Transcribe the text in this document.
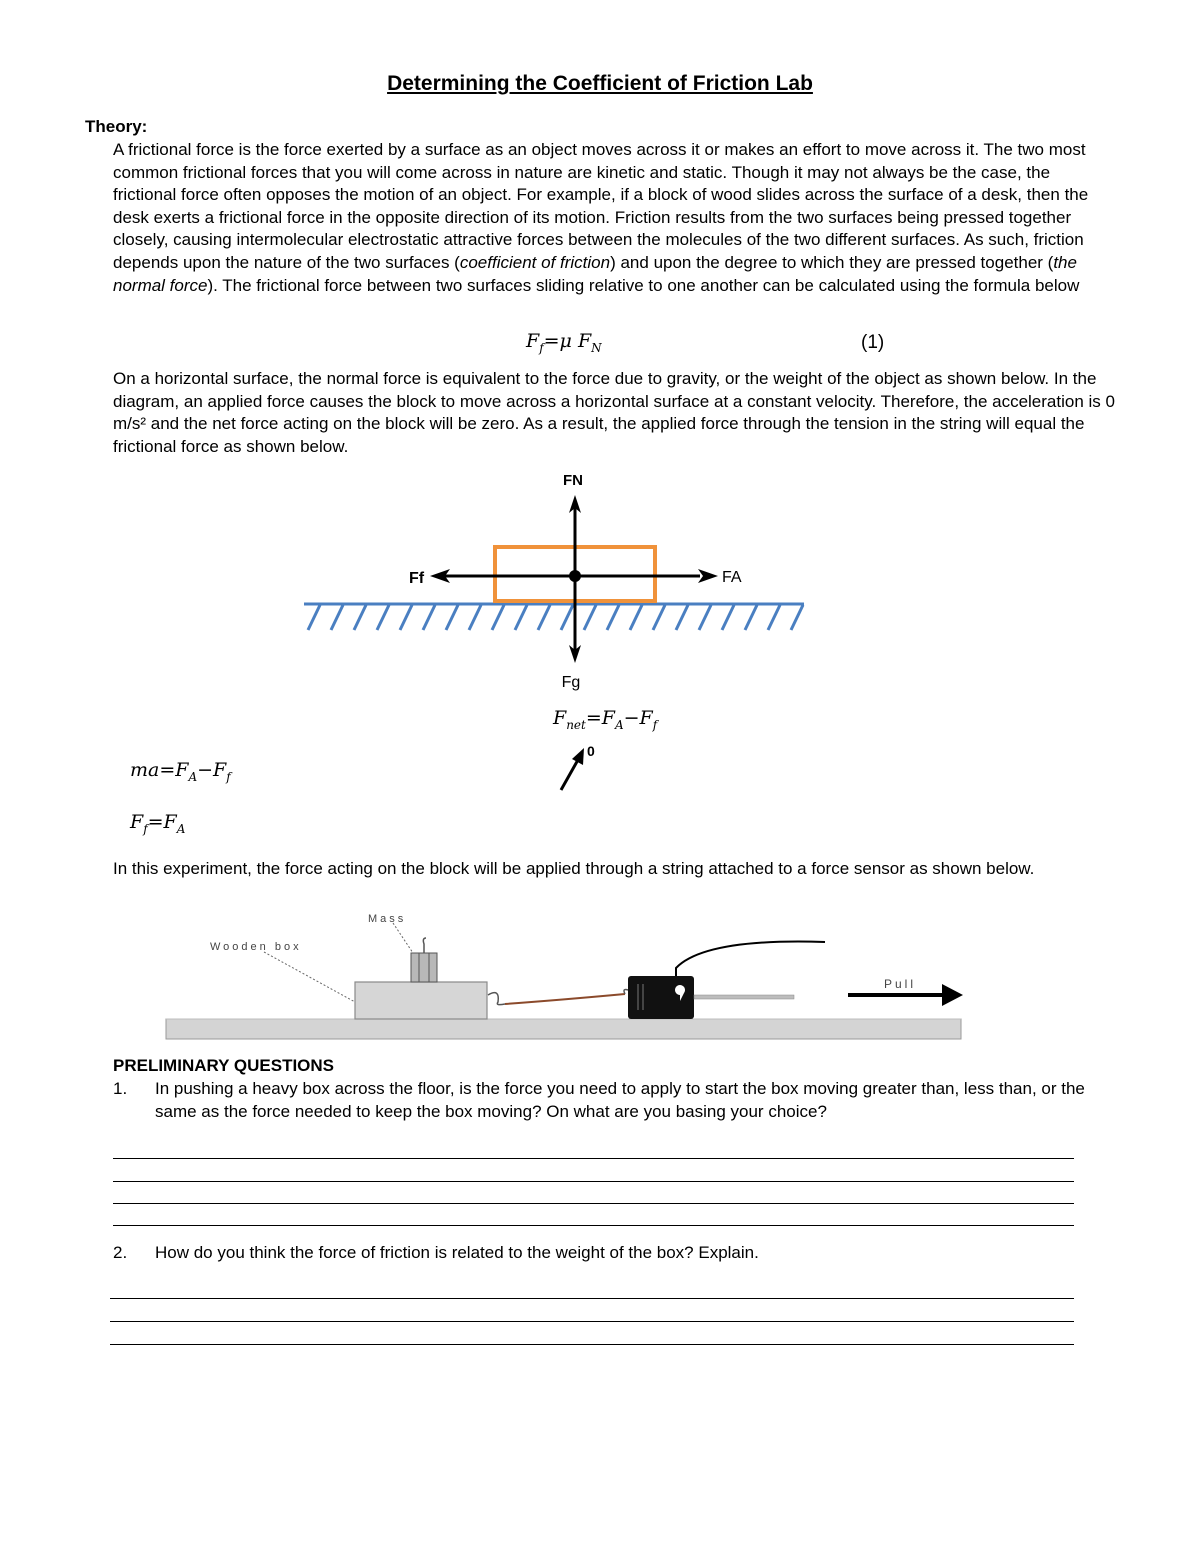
Determining the Coefficient of Friction Lab
Theory:
A frictional force is the force exerted by a surface as an object moves across it or makes an effort to move across it. The two most common frictional forces that you will come across in nature are kinetic and static. Though it may not always be the case, the frictional force often opposes the motion of an object. For example, if a block of wood slides across the surface of a desk, then the desk exerts a frictional force in the opposite direction of its motion. Friction results from the two surfaces being pressed together closely, causing intermolecular electrostatic attractive forces between the molecules of the two different surfaces. As such, friction depends upon the nature of the two surfaces (coefficient of friction) and upon the degree to which they are pressed together (the normal force). The frictional force between two surfaces sliding relative to one another can be calculated using the formula below
$F_f=\mu$ $F_N$	(1)
On a horizontal surface, the normal force is equivalent to the force due to gravity, or the weight of the object as shown below. In the diagram, an applied force causes the block to move across a horizontal surface at a constant velocity. Therefore, the acceleration is 0 m/s² and the net force acting on the block will be zero. As a result, the applied force through the tension in the string will equal the frictional force as shown below.
FN
Ff	FA
Fg
$F_{net}=F_A-F_f$
0
$ma=F_A-F_f$
$F_f=F_A$
In this experiment, the force acting on the block will be applied through a string attached to a force sensor as shown below.
Mass
Wooden box
Pull
PRELIMINARY QUESTIONS
1. In pushing a heavy box across the floor, is the force you need to apply to start the box moving greater than, less than, or the same as the force needed to keep the box moving? On what are you basing your choice?
2. How do you think the force of friction is related to the weight of the box? Explain.
